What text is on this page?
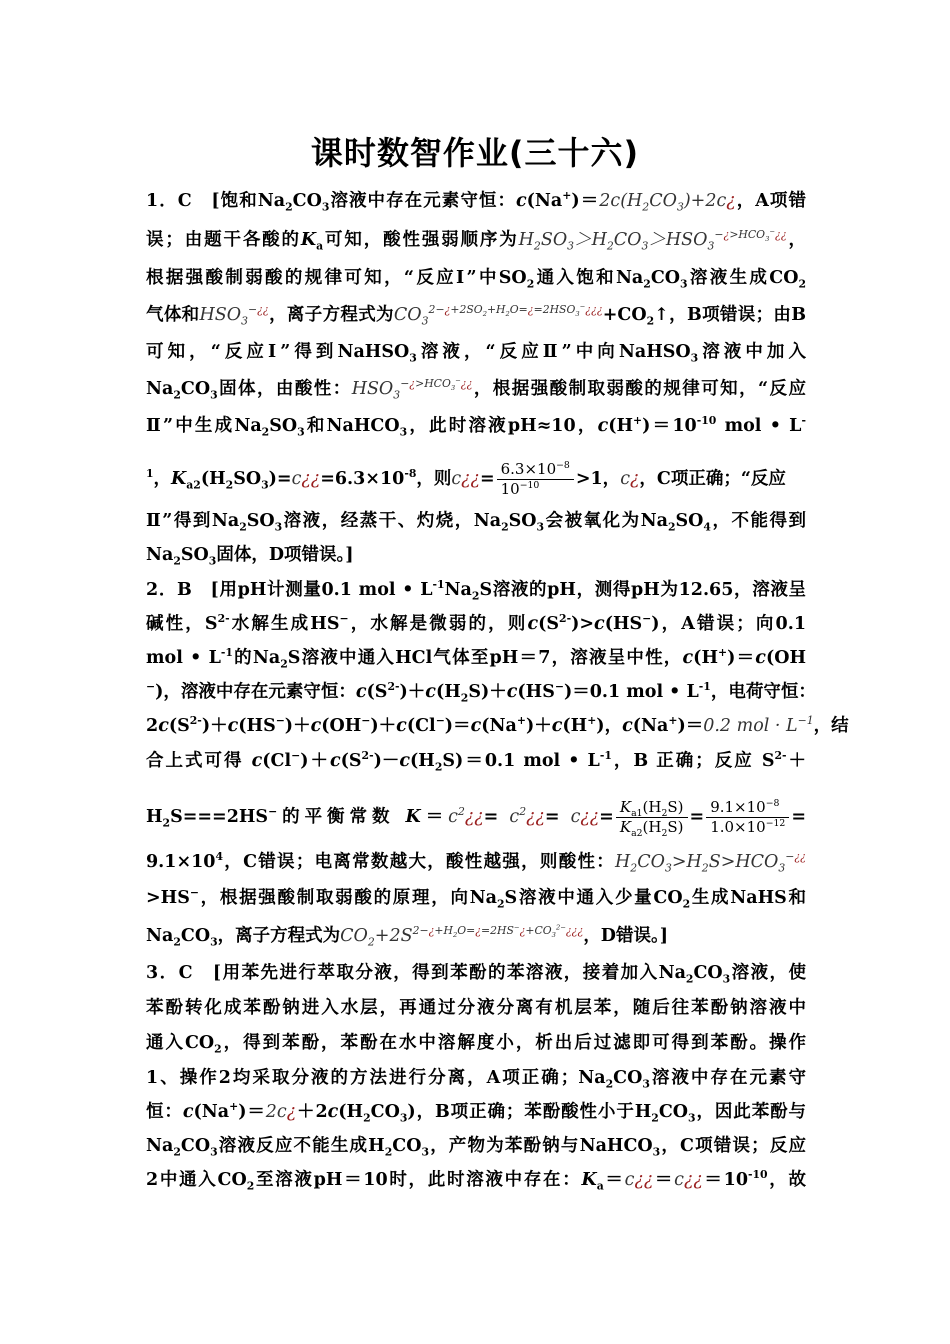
课时数智作业(三十六)
1．C　[饱和$Na_2CO_3$溶液中存在元素守恒：$c(Na^+)=2c(H_2CO_3)+2c¿$，A项错
误；由题干各酸的$K_a$可知，酸性强弱顺序为$H_2SO_3>H_2CO_3>HSO_3^{-¿>HCO_3^-¿¿}$，
根据强酸制弱酸的规律可知，“反应Ⅰ”中$SO_2$通入饱和$Na_2CO_3$溶液生成$CO_2$
气体和$HSO_3^{-¿¿}$，离子方程式为$CO_3^{2-¿+2SO_2+H_2O=¿=2HSO_3^-¿¿¿}+CO_2↑$，B项错误；由B
可知，“反应Ⅰ”得到NaHSO$_3$溶液，“反应Ⅱ”中向NaHSO$_3$溶液中加入
$Na_2CO_3$固体，由酸性：$HSO_3^{-¿>HCO_3^-¿¿}$，根据强酸制取弱酸的规律可知，“反应
Ⅱ”中生成$Na_2SO_3$和NaHCO$_3$，此时溶液pH≈10，$c(H^+)=10^{-10}$ mol • L-
$^1$，$K_{a2}(H_2SO_3)=c¿¿=6.3\times 10^{-8}$，则c¿¿= $\frac{6.3\times 10^{-8}}{10^{-10}} >1$，c¿，C项正确；“反应
Ⅱ”得到$Na_2SO_3$溶液，经蒸干、灼烧，$Na_2SO_3$会被氧化为$Na_2SO_4$，不能得到
$Na_2SO_3$固体，D项错误。]
2．B　[用pH计测量0.1 mol • $L^{-1}Na_2S$溶液的pH，测得pH为12.65，溶液呈
碱性，$S^{2-}$水解生成HS−，水解是微弱的，则$c(S^{2-})>c(HS^-)$，A错误；向0.1
mol • $L^{-1}$的$Na_2S$溶液中通入HCl气体至pH＝7，溶液呈中性，c(H+)＝c(OH
−)，溶液中存在元素守恒：$c(S^{2-})+c(H_2S)+c(HS^-)=0.1$ mol • $L^{-1}$，电荷守恒：
$2c(S^{2-})+c(HS^-)+c(OH^-)+c(Cl^-)=c(Na^+)+c(H^+)$，c(Na+)＝0.2 mol · $L^{-1}$，结
合上式可得 $c(Cl^-)+c(S^{2-})-c(H_2S)=0.1$ mol • $L^{-1}$，B 正确；反应 $S^{2-}+$
$H_2S===2HS^-$的平衡常数 $K=c^2¿¿=$ $c^2¿¿=$ c¿¿= $\frac{K_{a1}(H_2S)}{K_{a2}(H_2S)} = \frac{9.1\times 10^{-8}}{1.0\times 10^{-12}}$ =
$9.1\times 10^4$，C错误；电离常数越大，酸性越强，则酸性：$H_2CO_3>H_2S>HCO_3^{-¿¿}$
>HS−，根据强酸制取弱酸的原理，向$Na_2S$溶液中通入少量$CO_2$生成NaHS和
$Na_2CO_3$，离子方程式为$CO_2+2S^{2-¿+H_2O=¿=2HS^-¿+CO_3^{2-}¿¿¿}$，D错误。]
3．C　[用苯先进行萃取分液，得到苯酚的苯溶液，接着加入$Na_2CO_3$溶液，使
苯酚转化成苯酚钠进入水层，再通过分液分离有机层苯，随后往苯酚钠溶液中
通入$CO_2$，得到苯酚，苯酚在水中溶解度小，析出后过滤即可得到苯酚。操作
1、操作2均采取分液的方法进行分离，A项正确；$Na_2CO_3$溶液中存在元素守
恒：$c(Na^+)=2c¿+2c(H_2CO_3)$，B项正确；苯酚酸性小于$H_2CO_3$，因此苯酚与
$Na_2CO_3$溶液反应不能生成$H_2CO_3$，产物为苯酚钠与NaHCO$_3$，C项错误；反应
2中通入$CO_2$至溶液pH＝10时，此时溶液中存在：$K_a=c¿¿=c¿¿=10^{-10}$，故
